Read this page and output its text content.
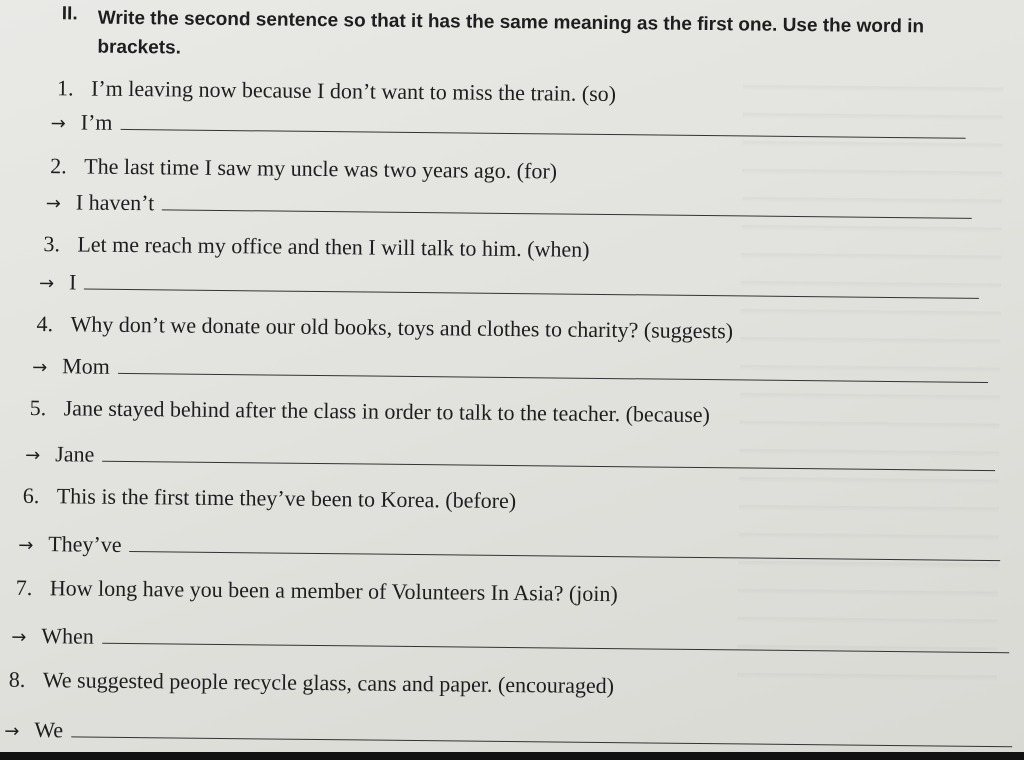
II. Write the second sentence so that it has the same meaning as the first one. Use the word in brackets.
1. I’m leaving now because I don’t want to miss the train. (so)
→ I’m
2. The last time I saw my uncle was two years ago. (for)
→ I haven’t
3. Let me reach my office and then I will talk to him. (when)
→ I
4. Why don’t we donate our old books, toys and clothes to charity? (suggests)
→ Mom
5. Jane stayed behind after the class in order to talk to the teacher. (because)
→ Jane
6. This is the first time they’ve been to Korea. (before)
→ They’ve
7. How long have you been a member of Volunteers In Asia? (join)
→ When
8. We suggested people recycle glass, cans and paper. (encouraged)
→ We
